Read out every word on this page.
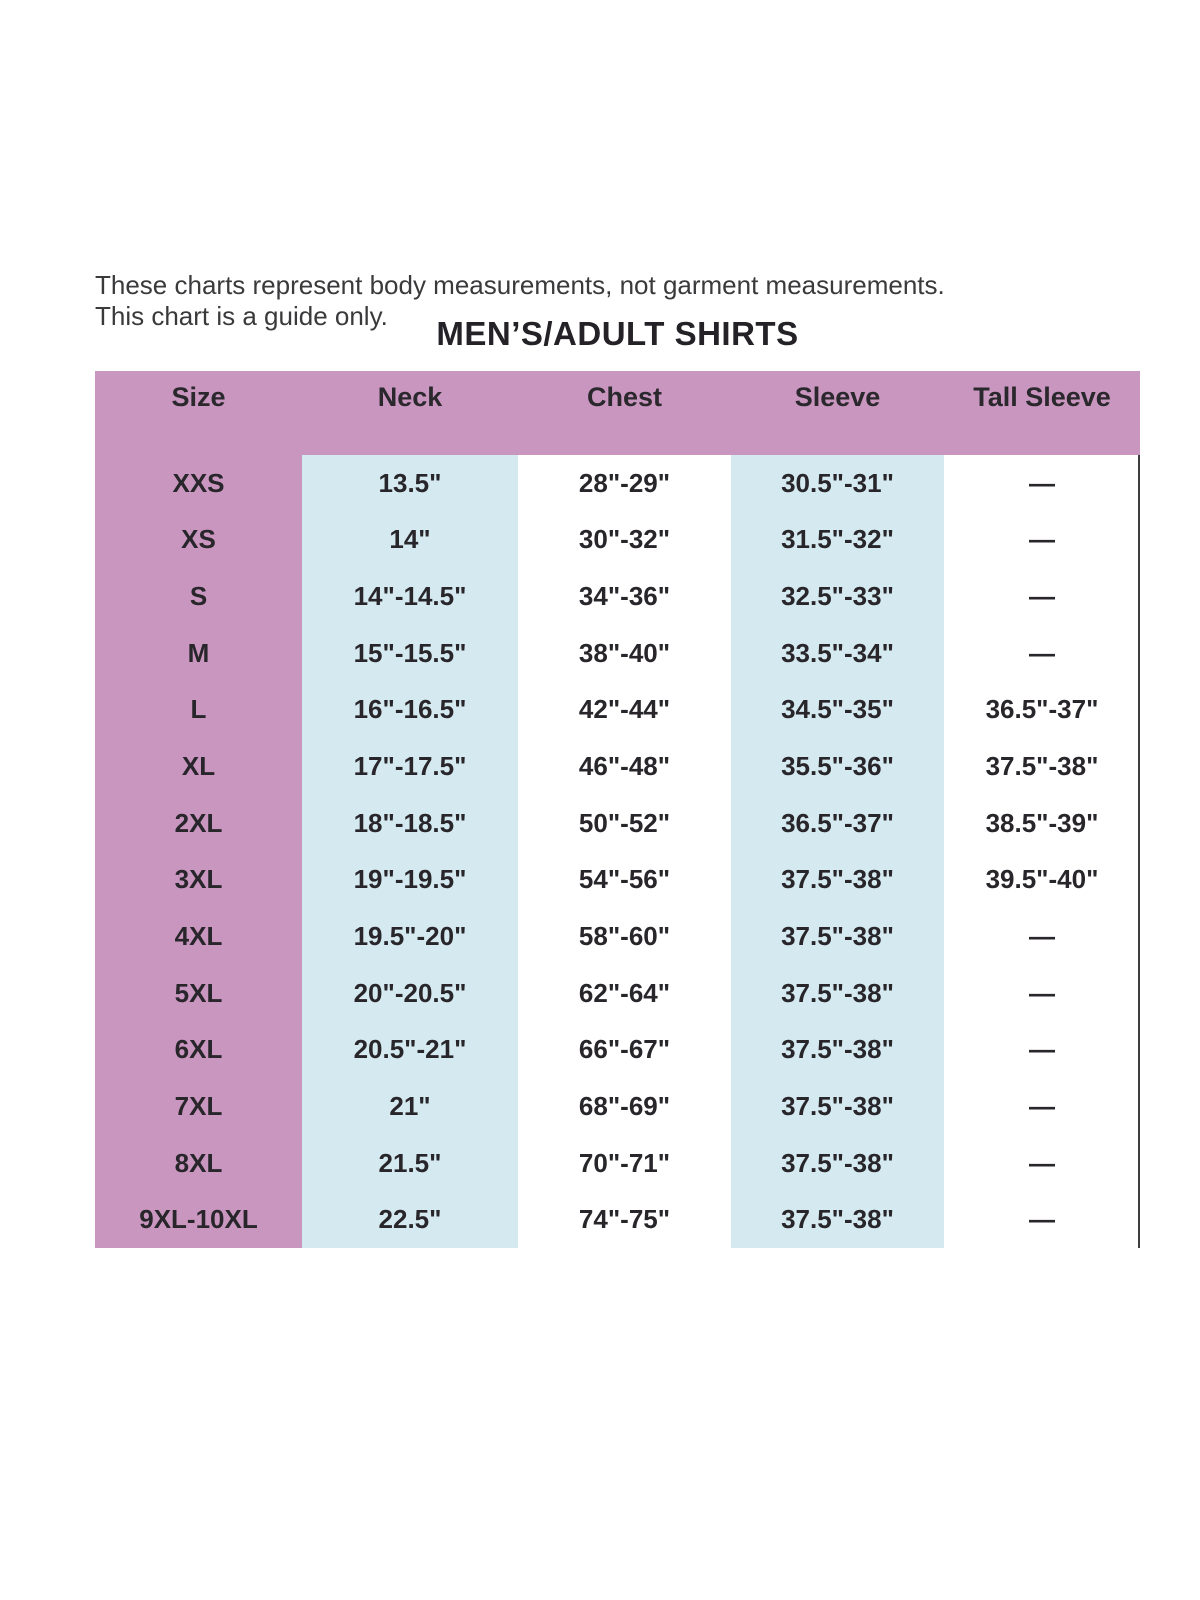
These charts represent body measurements, not garment measurements.
This chart is a guide only.	MEN’S/ADULT SHIRTS
Size	Neck	Chest	Sleeve	Tall Sleeve
XXS	13.5"	28"-29"	30.5"-31"	—
XS	14"	30"-32"	31.5"-32"	—
S	14"-14.5"	34"-36"	32.5"-33"	—
M	15"-15.5"	38"-40"	33.5"-34"	—
L	16"-16.5"	42"-44"	34.5"-35"	36.5"-37"
XL	17"-17.5"	46"-48"	35.5"-36"	37.5"-38"
2XL	18"-18.5"	50"-52"	36.5"-37"	38.5"-39"
3XL	19"-19.5"	54"-56"	37.5"-38"	39.5"-40"
4XL	19.5"-20"	58"-60"	37.5"-38"	—
5XL	20"-20.5"	62"-64"	37.5"-38"	—
6XL	20.5"-21"	66"-67"	37.5"-38"	—
7XL	21"	68"-69"	37.5"-38"	—
8XL	21.5"	70"-71"	37.5"-38"	—
9XL-10XL	22.5"	74"-75"	37.5"-38"	—
